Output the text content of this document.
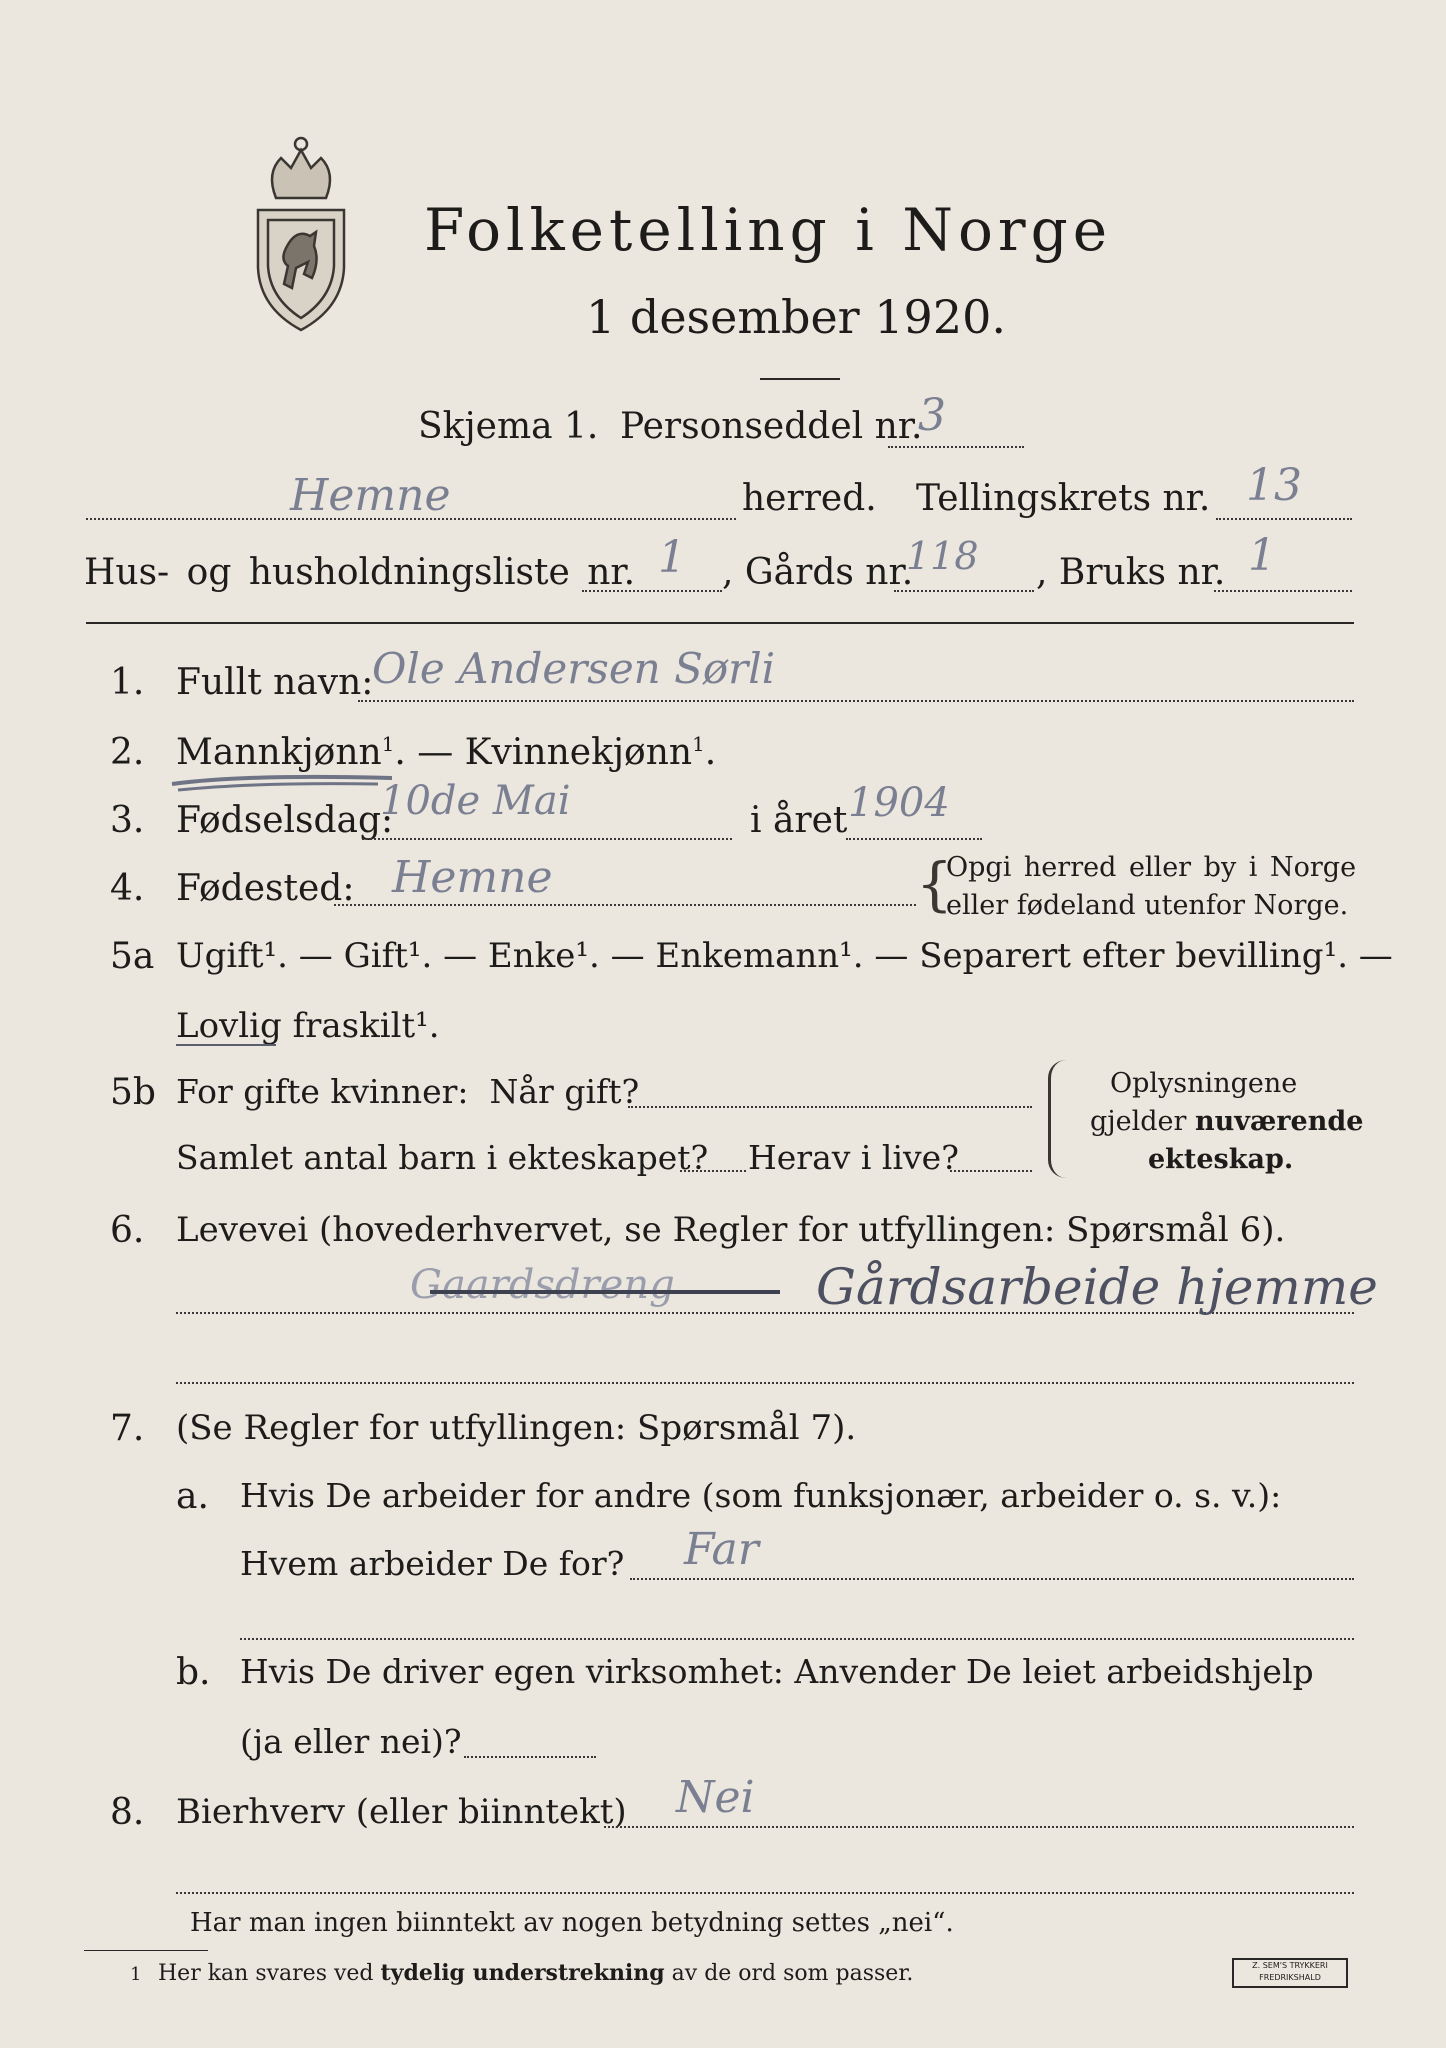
Folketelling i Norge
1 desember 1920.
Skjema 1. Personseddel nr.
3
Hemne	herred. Tellingskrets nr. 13
Hus- og husholdningsliste nr. 1 , Gårds nr.
118 , Bruks nr. 1
1. Fullt navn:
Ole Andersen Sørli
2. Mannkjønn$^1$. — Kvinnekjønn$^1$.
3. Fødselsdag:
10de Mai	i året 1904
4. Fødested: Hemne	{
Opgi herred eller by i Norge
eller fødeland utenfor Norge.
5a Ugift¹. — Gift¹. — Enke¹. — Enkemann¹. — Separert efter bevilling¹. —
Lovlig fraskilt¹.
5b For gifte kvinner:  Når gift?
Samlet antal barn i ekteskapet? Herav i live?
Oplysningene
gjelder nuværende
ekteskap.
6. Levevei (hovederhvervet, se Regler for utfyllingen: Spørsmål 6).
Gaardsdreng	Gårdsarbeide hjemme
7. (Se Regler for utfyllingen: Spørsmål 7).
a. Hvis De arbeider for andre (som funksjonær, arbeider o. s. v.):
Hvem arbeider De for? Far
b. Hvis De driver egen virksomhet: Anvender De leiet arbeidshjelp
(ja eller nei)?
8. Bierhverv (eller biinntekt) Nei
Har man ingen biinntekt av nogen betydning settes „nei“.
1 Her kan svares ved tydelig understrekning av de ord som passer.	Z. SEM'S TRYKKERI
FREDRIKSHALD
